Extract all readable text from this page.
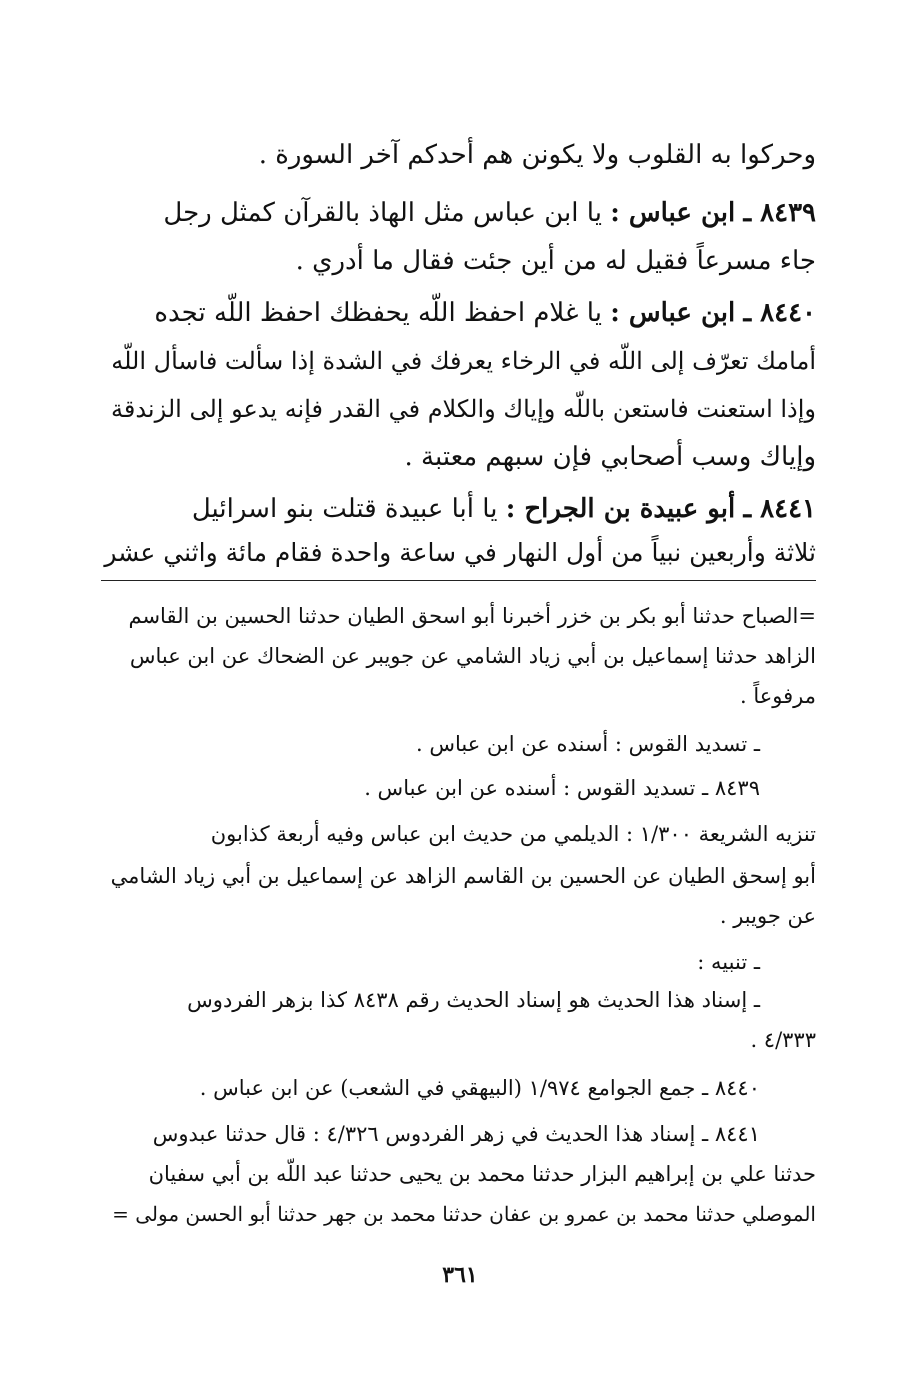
وحركوا به القلوب ولا يكونن هم أحدكم آخر السورة .
٨٤٣٩ ـ ابن عباس : يا ابن عباس مثل الهاذ بالقرآن كمثل رجل
جاء مسرعاً فقيل له من أين جئت فقال ما أدري .
٨٤٤٠ ـ ابن عباس : يا غلام احفظ اللّه يحفظك احفظ اللّه تجده
أمامك تعرّف إلى اللّه في الرخاء يعرفك في الشدة إذا سألت فاسأل اللّه
وإذا استعنت فاستعن باللّه وإياك والكلام في القدر فإنه يدعو إلى الزندقة
وإياك وسب أصحابي فإن سبهم معتبة .
٨٤٤١ ـ أبو عبيدة بن الجراح : يا أبا عبيدة قتلت بنو اسرائيل
ثلاثة وأربعين نبياً من أول النهار في ساعة واحدة فقام مائة واثني عشر
=الصباح حدثنا أبو بكر بن خزر أخبرنا أبو اسحق الطيان حدثنا الحسين بن القاسم
الزاهد حدثنا إسماعيل بن أبي زياد الشامي عن جويبر عن الضحاك عن ابن عباس
مرفوعاً .
ـ تسديد القوس : أسنده عن ابن عباس .
٨٤٣٩ ـ تسديد القوس : أسنده عن ابن عباس .
تنزيه الشريعة ١/٣٠٠ : الديلمي من حديث ابن عباس وفيه أربعة كذابون
أبو إسحق الطيان عن الحسين بن القاسم الزاهد عن إسماعيل بن أبي زياد الشامي
عن جويبر .
ـ تنبيه :
ـ إسناد هذا الحديث هو إسناد الحديث رقم ٨٤٣٨ كذا بزهر الفردوس
٤/٣٣٣ .
٨٤٤٠ ـ جمع الجوامع ١/٩٧٤ (البيهقي في الشعب) عن ابن عباس .
٨٤٤١ ـ إسناد هذا الحديث في زهر الفردوس ٤/٣٢٦ : قال حدثنا عبدوس
حدثنا علي بن إبراهيم البزار حدثنا محمد بن يحيى حدثنا عبد اللّه بن أبي سفيان
الموصلي حدثنا محمد بن عمرو بن عفان حدثنا محمد بن جهر حدثنا أبو الحسن مولى =
٣٦١
